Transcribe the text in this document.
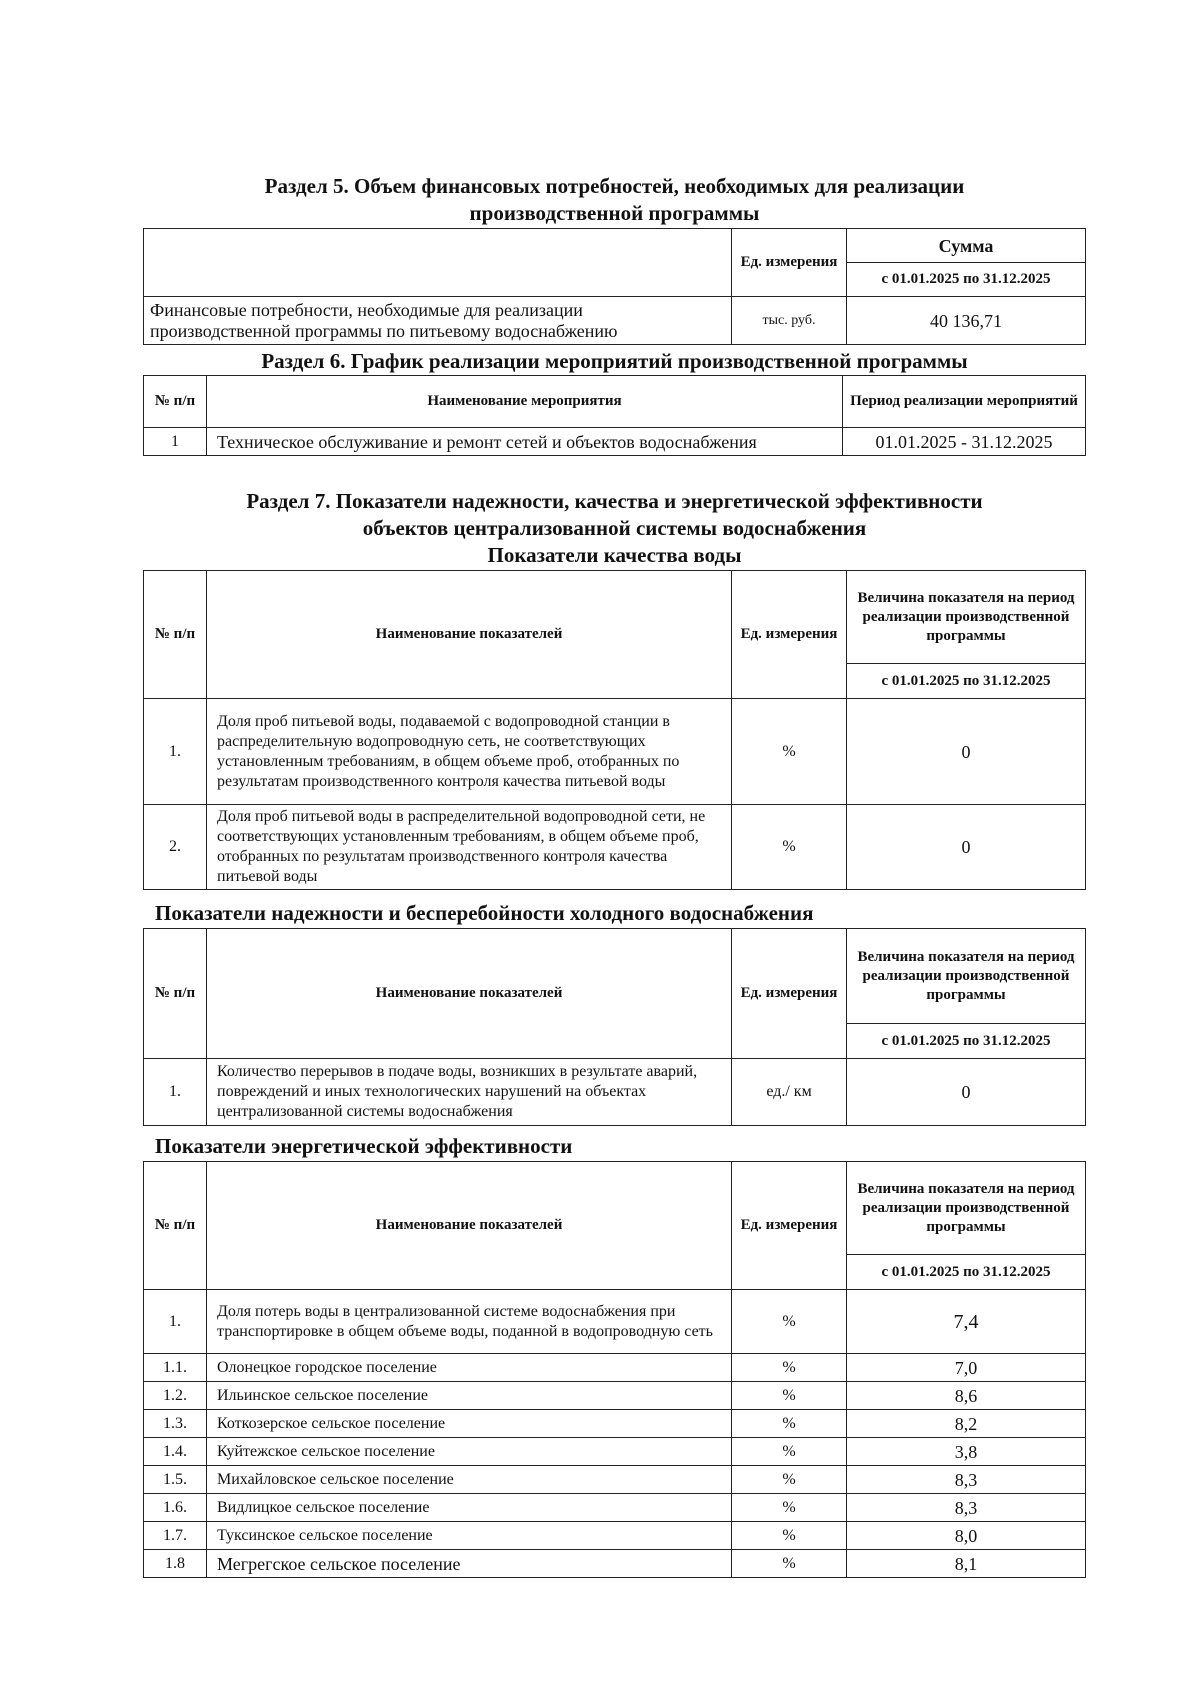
Раздел 5. Объем финансовых потребностей, необходимых для реализации

производственной программы

	Ед. измерения	Сумма
		с 01.01.2025 по 31.12.2025
Финансовые потребности, необходимые для реализации производственной программы по питьевому водоснабжению	тыс. руб.	40 136,71

Раздел 6. График реализации мероприятий производственной программы

№ п/п	Наименование мероприятия	Период реализации мероприятий
1	Техническое обслуживание и ремонт сетей и объектов водоснабжения	01.01.2025 - 31.12.2025

Раздел 7. Показатели надежности, качества и энергетической эффективности

объектов централизованной системы водоснабжения

Показатели качества воды

№ п/п	Наименование показателей	Ед. измерения	Величина показателя на период реализации производственной программы
			с 01.01.2025 по 31.12.2025
1.	Доля проб питьевой воды, подаваемой с водопроводной станции в распределительную водопроводную сеть, не соответствующих установленным требованиям, в общем объеме проб, отобранных по результатам производственного контроля качества питьевой воды	%	0
2.	Доля проб питьевой воды в распределительной водопроводной сети, не соответствующих установленным требованиям, в общем объеме проб, отобранных по результатам производственного контроля качества питьевой воды	%	0

Показатели надежности и бесперебойности холодного водоснабжения

№ п/п	Наименование показателей	Ед. измерения	Величина показателя на период реализации производственной программы
			с 01.01.2025 по 31.12.2025
1.	Количество перерывов в подаче воды, возникших в результате аварий, повреждений и иных технологических нарушений на объектах централизованной системы водоснабжения	ед./ км	0

Показатели энергетической эффективности

№ п/п	Наименование показателей	Ед. измерения	Величина показателя на период реализации производственной программы
			с 01.01.2025 по 31.12.2025
1.	Доля потерь воды в централизованной системе водоснабжения при транспортировке в общем объеме воды, поданной в водопроводную сеть	%	7,4
1.1.	Олонецкое городское поселение	%	7,0
1.2.	Ильинское сельское поселение	%	8,6
1.3.	Коткозерское сельское поселение	%	8,2
1.4.	Куйтежское сельское поселение	%	3,8
1.5.	Михайловское сельское поселение	%	8,3
1.6.	Видлицкое сельское поселение	%	8,3
1.7.	Туксинское сельское поселение	%	8,0
1.8	Мегрегское сельское поселение	%	8,1
